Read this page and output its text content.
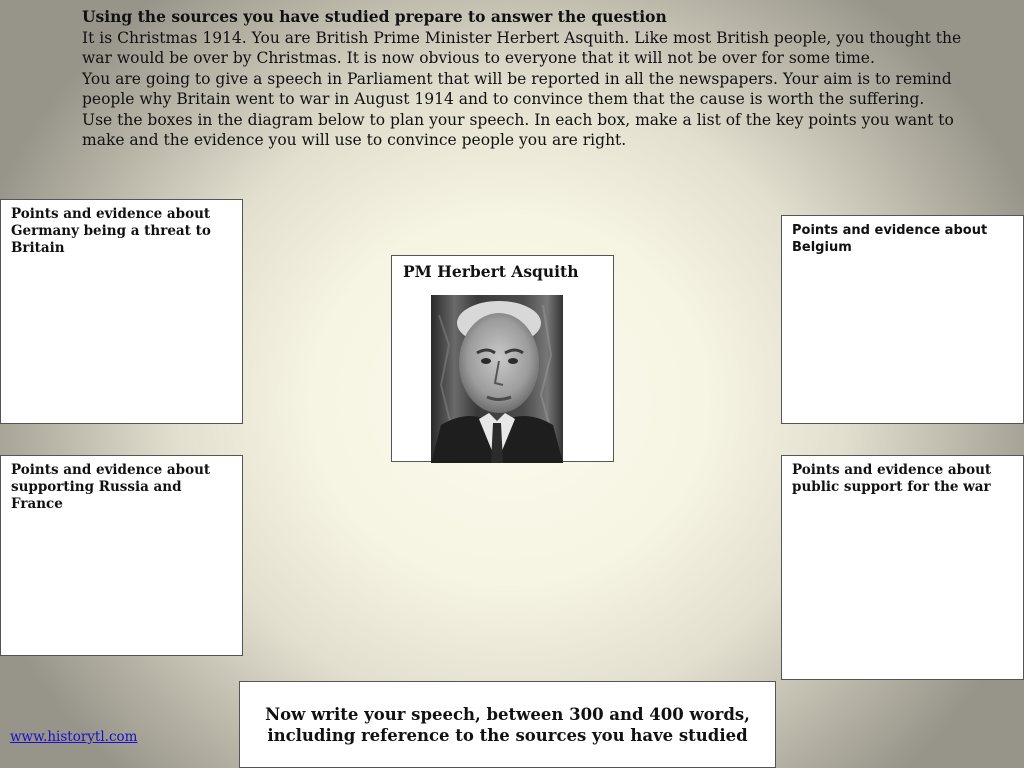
Using the sources you have studied prepare to answer the question

It is Christmas 1914. You are British Prime Minister Herbert Asquith. Like most British people, you thought the war would be over by Christmas. It is now obvious to everyone that it will not be over for some time.

You are going to give a speech in Parliament that will be reported in all the newspapers. Your aim is to remind people why Britain went to war in August 1914 and to convince them that the cause is worth the suffering.

Use the boxes in the diagram below to plan your speech. In each box, make a list of the key points you want to make and the evidence you will use to convince people you are right.

Points and evidence about Germany being a threat to Britain
Points and evidence about supporting Russia and France
Points and evidence about Belgium
Points and evidence about public support for the war
PM Herbert Asquith
Now write your speech, between 300 and 400 words, including reference to the sources you have studied
www.historytl.com
